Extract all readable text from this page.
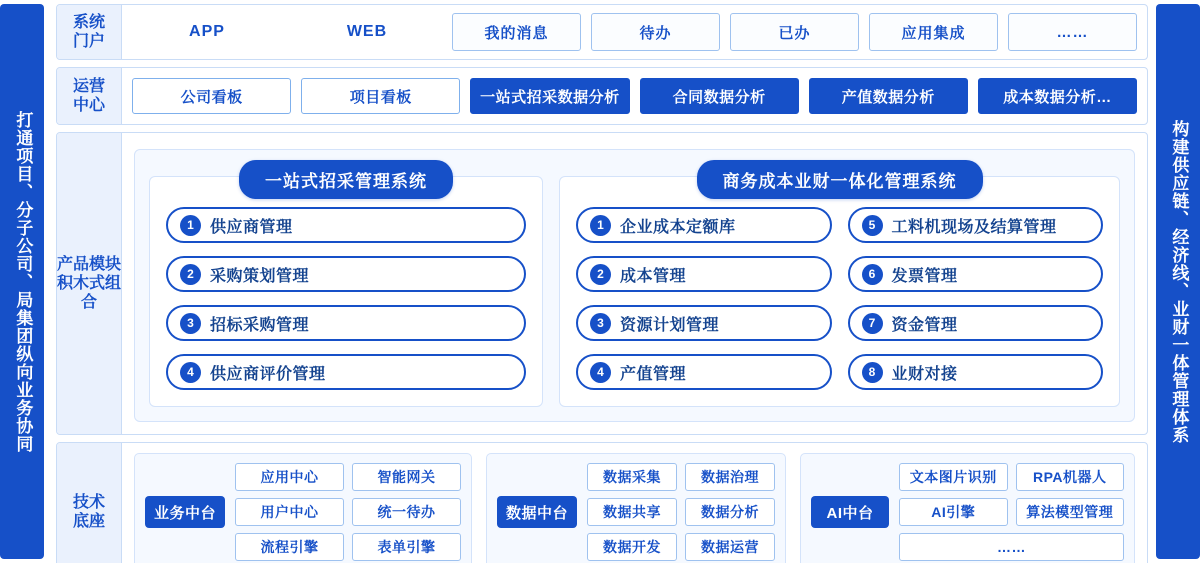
打通项目、分子公司、局集团纵向业务协同	构建供应链、经济线、业财一体管理体系
系统
门户
APP	WEB	我的消息	待办	已办	应用集成	……
运营
中心	公司看板	项目看板	一站式招采数据分析	合同数据分析	产值数据分析	成本数据分析…
产品模块积木式组合
一站式招采管理系统
1	供应商管理
2	采购策划管理
3	招标采购管理
4	供应商评价管理
商务成本业财一体化管理系统
1	企业成本定额库	5	工料机现场及结算管理
2	成本管理	6	发票管理
3	资源计划管理	7	资金管理
4	产值管理	8	业财对接
技术
底座	业务中台
应用中心	智能网关
用户中心	统一待办
流程引擎	表单引擎
数据中台
数据采集	数据治理
数据共享	数据分析
数据开发	数据运营
AI中台
文本图片识别	RPA机器人
AI引擎	算法模型管理
……
